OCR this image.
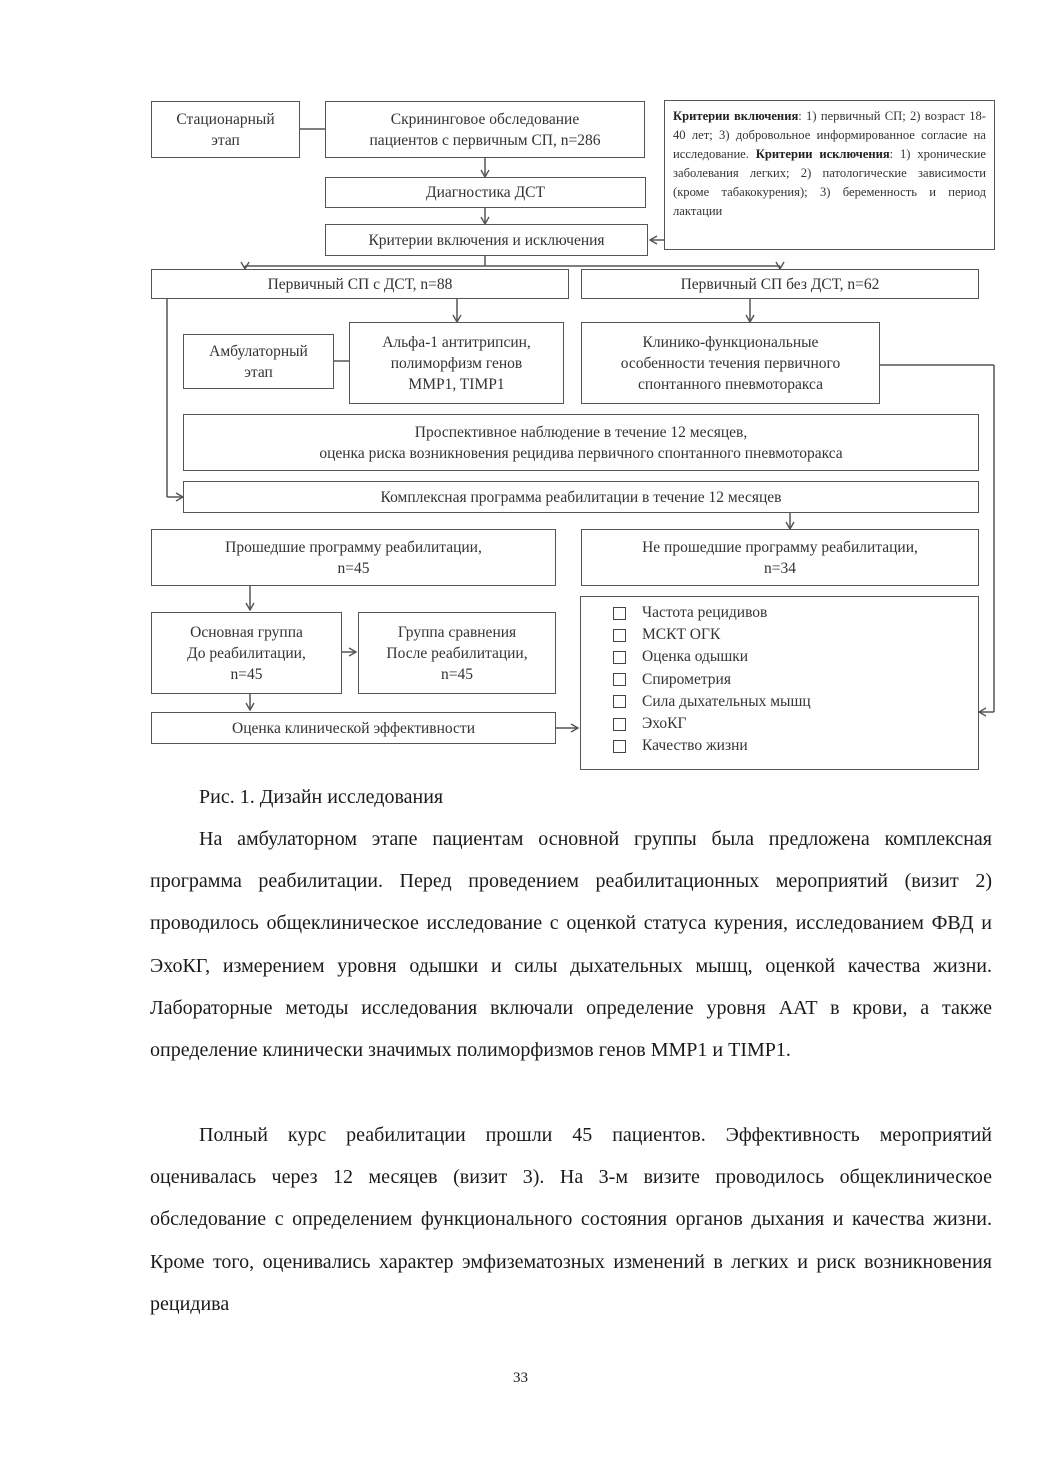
Стационарный
этап
Скрининговое обследование
пациентов с первичным СП, n=286
Критерии включения: 1) первичный СП; 2) возраст 18-40 лет; 3) добровольное информированное согласие на исследование. Критерии исключения: 1) хронические заболевания легких; 2) патологические зависимости (кроме табакокурения); 3) беременность и период лактации
Диагностика ДСТ
Критерии включения и исключения
Первичный СП с ДСТ, n=88	Первичный СП без ДСТ, n=62
Амбулаторный
этап
Альфа-1 антитрипсин,
полиморфизм генов
MMP1, TIMP1
Клинико-функциональные
особенности течения первичного
спонтанного пневмоторакса
Проспективное наблюдение в течение 12 месяцев,
оценка риска возникновения рецидива первичного спонтанного пневмоторакса
Комплексная программа реабилитации в течение 12 месяцев
Прошедшие программу реабилитации,
n=45
Не прошедшие программу реабилитации,
n=34
Основная группа
До реабилитации,
n=45
Группа сравнения
После реабилитации,
n=45
Оценка клинической эффективности
Частота рецидивов
МСКТ ОГК
Оценка одышки
Спирометрия
Сила дыхательных мышц
ЭхоКГ
Качество жизни
Рис. 1. Дизайн исследования

На амбулаторном этапе пациентам основной группы была предложена комплексная программа реабилитации. Перед проведением реабилитационных мероприятий (визит 2) проводилось общеклиническое исследование с оценкой статуса курения, исследованием ФВД и ЭхоКГ, измерением уровня одышки и силы дыхательных мышц, оценкой качества жизни. Лабораторные методы исследования включали определение уровня AAT в крови, а также определение клинически значимых полиморфизмов генов MMP1 и TIMP1.

Полный курс реабилитации прошли 45 пациентов. Эффективность мероприятий оценивалась через 12 месяцев (визит 3). На 3-м визите проводилось общеклиническое обследование с определением функционального состояния органов дыхания и качества жизни. Кроме того, оценивались характер эмфизематозных изменений в легких и риск возникновения рецидива

33
